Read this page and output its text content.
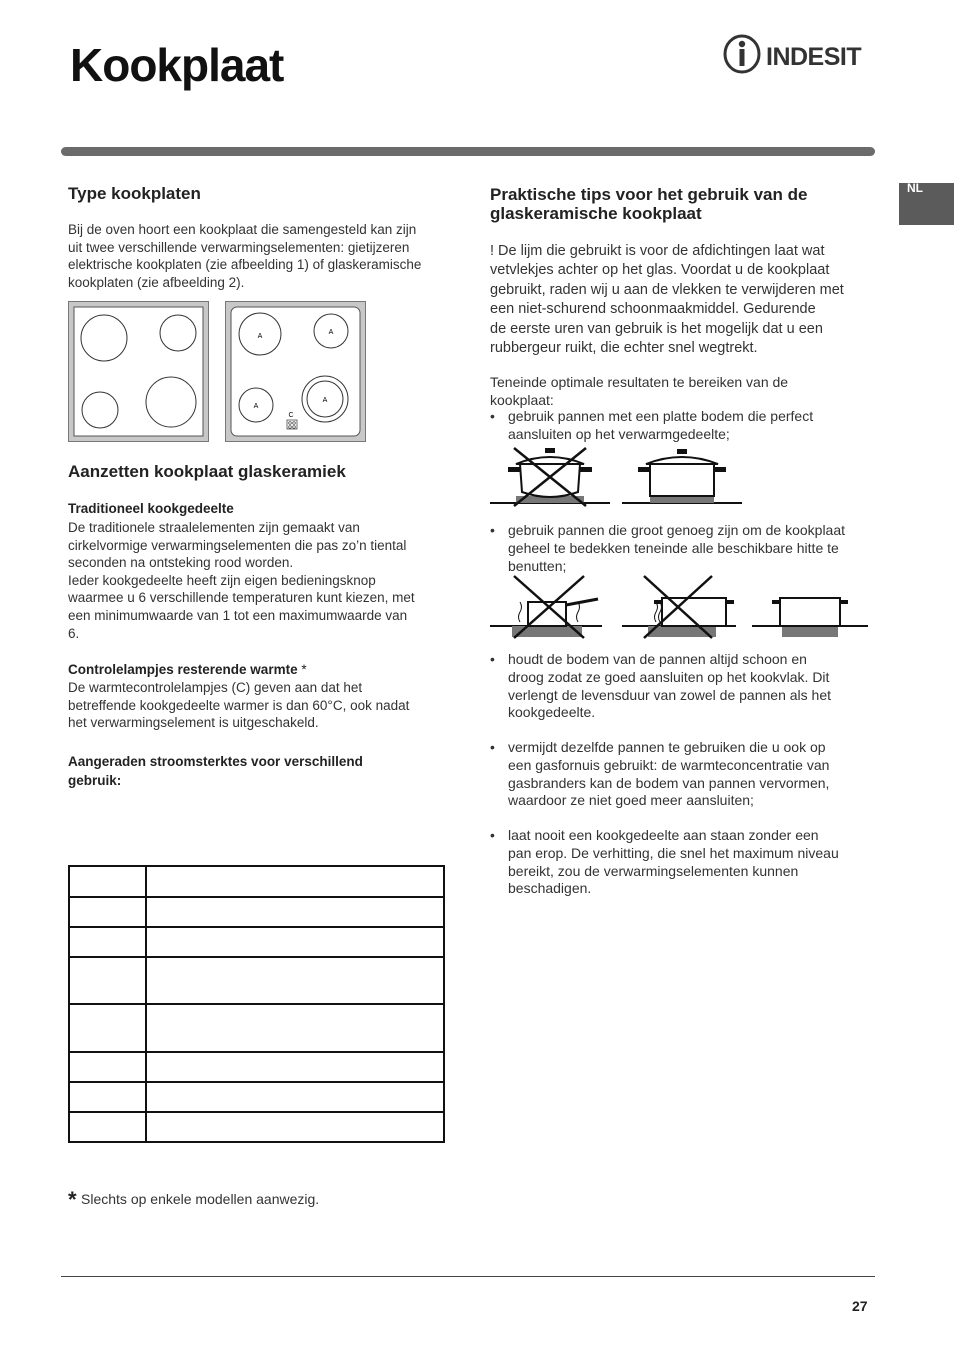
Kookplaat	INDESIT
NL
Type kookplaten

Bij de oven hoort een kookplaat die samengesteld kan zijn

uit twee verschillende verwarmingselementen: gietijzeren

elektrische kookplaten (zie afbeelding 1) of glaskeramische

kookplaten (zie afbeelding 2).

A
A
A
A
C
Aanzetten kookplaat glaskeramiek

Traditioneel kookgedeelte

De traditionele straalelementen zijn gemaakt van

cirkelvormige verwarmingselementen die pas zo’n tiental

seconden na ontsteking rood worden.

Ieder kookgedeelte heeft zijn eigen bedieningsknop

waarmee u 6 verschillende temperaturen kunt kiezen, met

een minimumwaarde van 1 tot een maximumwaarde van

6.

Controlelampjes resterende warmte *

De warmtecontrolelampjes (C) geven aan dat het

betreffende kookgedeelte warmer is dan 60°C, ook nadat

het verwarmingselement is uitgeschakeld.

Aangeraden stroomsterktes voor verschillend

gebruik:

* Slechts op enkele modellen aanwezig.
Praktische tips voor het gebruik van de
glaskeramische kookplaat

! De lijm die gebruikt is voor de afdichtingen laat wat

vetvlekjes achter op het glas. Voordat u de kookplaat

gebruikt, raden wij u aan de vlekken te verwijderen met

een niet-schurend schoonmaakmiddel. Gedurende

de eerste uren van gebruik is het mogelijk dat u een

rubbergeur ruikt, die echter snel wegtrekt.

Teneinde optimale resultaten te bereiken van de

kookplaat:

• gebruik pannen met een platte bodem die perfect
aansluiten op het verwarmgedeelte;
• gebruik pannen die groot genoeg zijn om de kookplaat
geheel te bedekken teneinde alle beschikbare hitte te
benutten;
• houdt de bodem van de pannen altijd schoon en
droog zodat ze goed aansluiten op het kookvlak. Dit
verlengt de levensduur van zowel de pannen als het
kookgedeelte.
• vermijdt dezelfde pannen te gebruiken die u ook op
een gasfornuis gebruikt: de warmteconcentratie van
gasbranders kan de bodem van pannen vervormen,
waardoor ze niet goed meer aansluiten;
• laat nooit een kookgedeelte aan staan zonder een
pan erop. De verhitting, die snel het maximum niveau
bereikt, zou de verwarmingselementen kunnen
beschadigen.
27
